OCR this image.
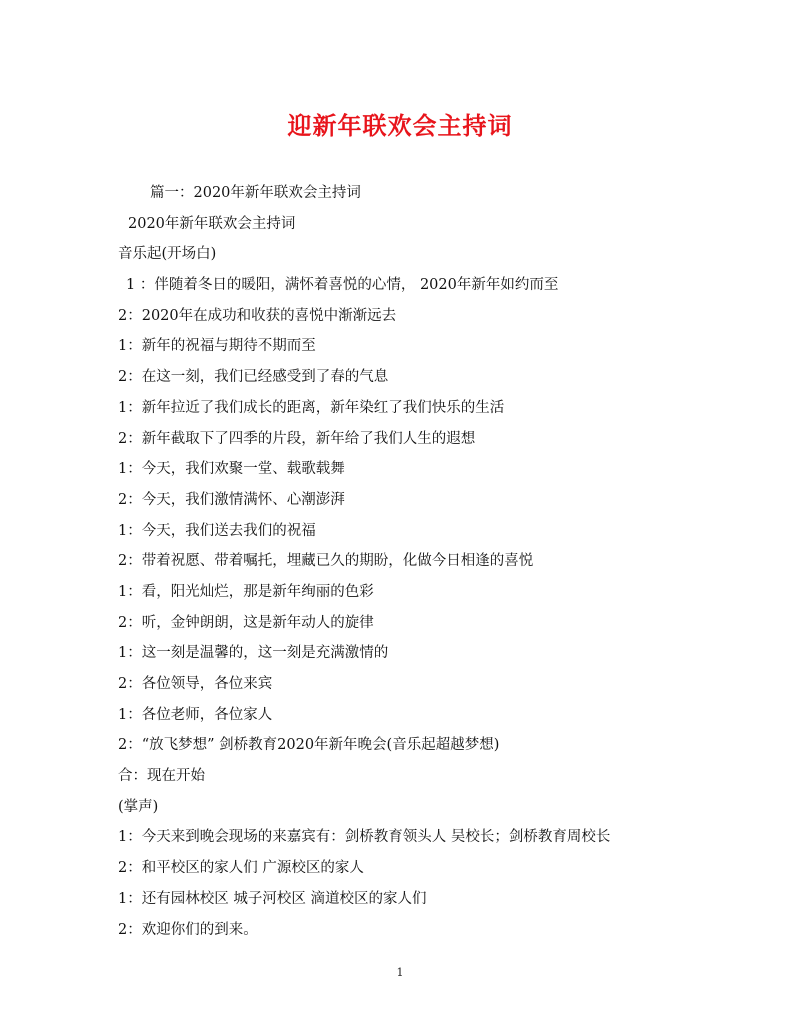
迎新年联欢会主持词
篇一：2020年新年联欢会主持词
2020年新年联欢会主持词
音乐起(开场白)
1 ：伴随着冬日的暖阳，满怀着喜悦的心情， 2020年新年如约而至
2：2020年在成功和收获的喜悦中渐渐远去
1：新年的祝福与期待不期而至
2：在这一刻，我们已经感受到了春的气息
1：新年拉近了我们成长的距离，新年染红了我们快乐的生活
2：新年截取下了四季的片段，新年给了我们人生的遐想
1：今天，我们欢聚一堂、载歌载舞
2：今天，我们激情满怀、心潮澎湃
1：今天，我们送去我们的祝福
2：带着祝愿、带着嘱托，埋藏已久的期盼，化做今日相逢的喜悦
1：看，阳光灿烂，那是新年绚丽的色彩
2：听，金钟朗朗，这是新年动人的旋律
1：这一刻是温馨的，这一刻是充满激情的
2：各位领导，各位来宾
1：各位老师，各位家人
2：“放飞梦想” 剑桥教育2020年新年晚会(音乐起超越梦想)
合：现在开始
(掌声)
1：今天来到晚会现场的来嘉宾有：剑桥教育领头人 吴校长；剑桥教育周校长
2：和平校区的家人们 广源校区的家人
1：还有园林校区 城子河校区 滴道校区的家人们
2：欢迎你们的到来。
1
